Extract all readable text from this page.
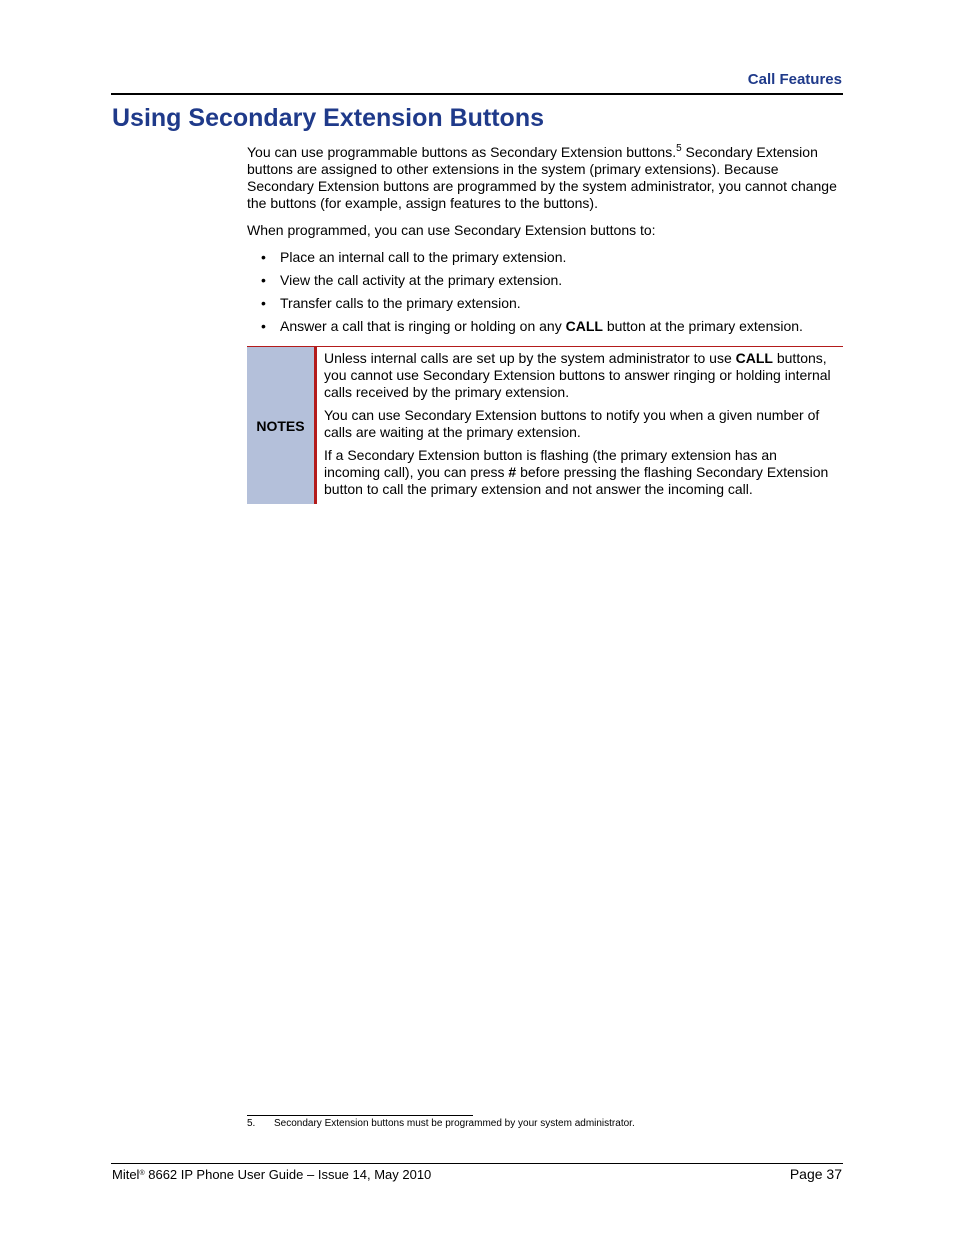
Call Features
Using Secondary Extension Buttons

You can use programmable buttons as Secondary Extension buttons.$^5$ Secondary Extension buttons are assigned to other extensions in the system (primary extensions). Because Secondary Extension buttons are programmed by the system administrator, you cannot change the buttons (for example, assign features to the buttons).

When programmed, you can use Secondary Extension buttons to:

• Place an internal call to the primary extension.
• View the call activity at the primary extension.
• Transfer calls to the primary extension.
• Answer a call that is ringing or holding on any CALL button at the primary extension.
NOTES

Unless internal calls are set up by the system administrator to use CALL buttons, you cannot use Secondary Extension buttons to answer ringing or holding internal calls received by the primary extension.

You can use Secondary Extension buttons to notify you when a given number of calls are waiting at the primary extension.

If a Secondary Extension button is flashing (the primary extension has an incoming call), you can press # before pressing the flashing Secondary Extension button to call the primary extension and not answer the incoming call.

5. Secondary Extension buttons must be programmed by your system administrator.
Mitel® 8662 IP Phone User Guide – Issue 14, May 2010	Page 37
